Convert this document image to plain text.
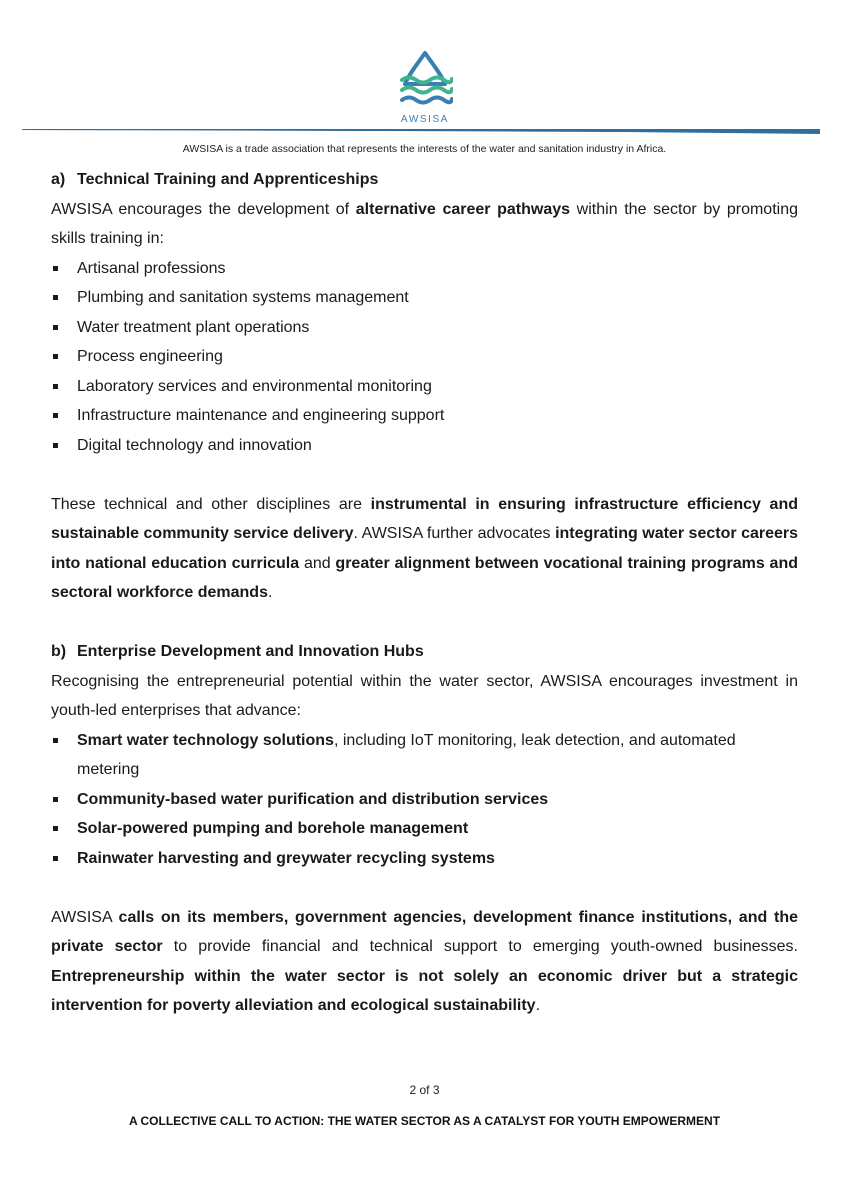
AWSISA
AWSISA is a trade association that represents the interests of the water and sanitation industry in Africa.
a) Technical Training and Apprenticeships
AWSISA encourages the development of alternative career pathways within the sector by promoting skills training in:
Artisanal professions
Plumbing and sanitation systems management
Water treatment plant operations
Process engineering
Laboratory services and environmental monitoring
Infrastructure maintenance and engineering support
Digital technology and innovation
These technical and other disciplines are instrumental in ensuring infrastructure efficiency and sustainable community service delivery. AWSISA further advocates integrating water sector careers into national education curricula and greater alignment between vocational training programs and sectoral workforce demands.
b) Enterprise Development and Innovation Hubs
Recognising the entrepreneurial potential within the water sector, AWSISA encourages investment in youth-led enterprises that advance:
Smart water technology solutions, including IoT monitoring, leak detection, and automated metering
Community-based water purification and distribution services
Solar-powered pumping and borehole management
Rainwater harvesting and greywater recycling systems
AWSISA calls on its members, government agencies, development finance institutions, and the private sector to provide financial and technical support to emerging youth-owned businesses. Entrepreneurship within the water sector is not solely an economic driver but a strategic intervention for poverty alleviation and ecological sustainability.
2 of 3
A COLLECTIVE CALL TO ACTION: THE WATER SECTOR AS A CATALYST FOR YOUTH EMPOWERMENT
